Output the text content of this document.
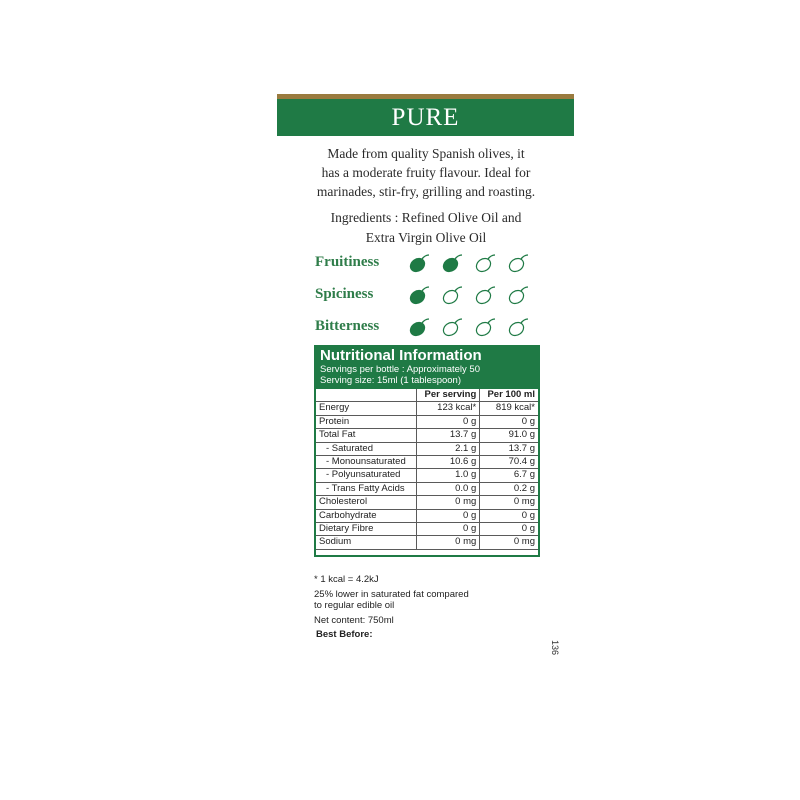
PURE
Made from quality Spanish olives, it
has a moderate fruity flavour. Ideal for
marinades, stir-fry, grilling and roasting.
Ingredients : Refined Olive Oil and
Extra Virgin Olive Oil
Fruitiness
Spiciness
Bitterness
Nutritional Information
Servings per bottle : Approximately 50
Serving size: 15ml (1 tablespoon)
	Per serving	Per 100 ml
Energy	123 kcal*	819 kcal*
Protein	0 g	0 g
Total Fat	13.7 g	91.0 g
- Saturated	2.1 g	13.7 g
- Monounsaturated	10.6 g	70.4 g
- Polyunsaturated	1.0 g	6.7 g
- Trans Fatty Acids	0.0 g	0.2 g
Cholesterol	0 mg	0 mg
Carbohydrate	0 g	0 g
Dietary Fibre	0 g	0 g
Sodium	0 mg	0 mg
* 1 kcal = 4.2kJ
25% lower in saturated fat compared
to regular edible oil
Net content: 750ml
Best Before:
136
